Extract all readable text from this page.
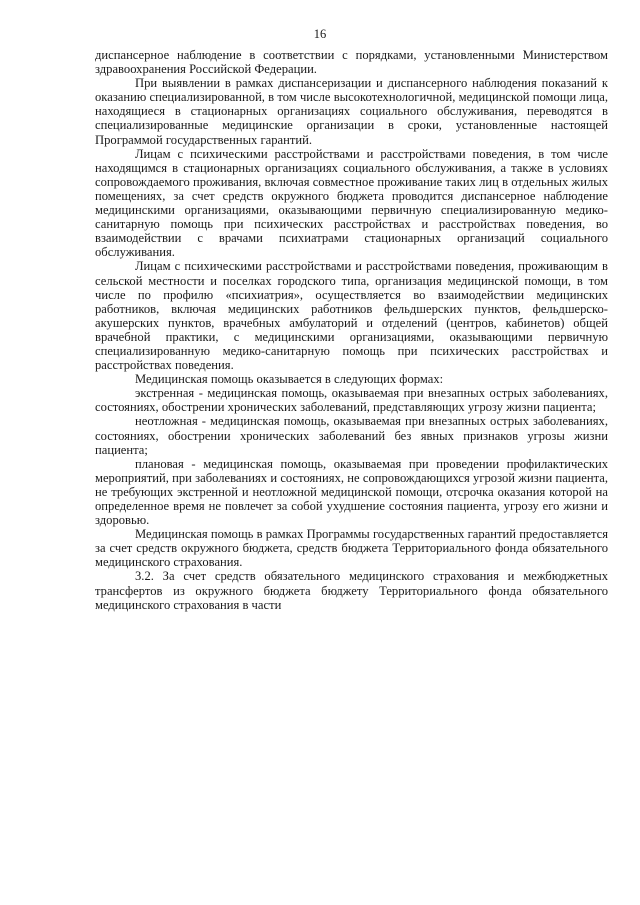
16

диспансерное наблюдение в соответствии с порядками, установленными Министерством здравоохранения Российской Федерации.

При выявлении в рамках диспансеризации и диспансерного наблюдения показаний к оказанию специализированной, в том числе высокотехнологичной, медицинской помощи лица, находящиеся в стационарных организациях социального обслуживания, переводятся в специализированные медицинские организации в сроки, установленные настоящей Программой государственных гарантий.

Лицам с психическими расстройствами и расстройствами поведения, в том числе находящимся в стационарных организациях социального обслуживания, а также в условиях сопровождаемого проживания, включая совместное проживание таких лиц в отдельных жилых помещениях, за счет средств окружного бюджета проводится диспансерное наблюдение медицинскими организациями, оказывающими первичную специализированную медико-санитарную помощь при психических расстройствах и расстройствах поведения, во взаимодействии с врачами психиатрами стационарных организаций социального обслуживания.

Лицам с психическими расстройствами и расстройствами поведения, проживающим в сельской местности и поселках городского типа, организация медицинской помощи, в том числе по профилю «психиатрия», осуществляется во взаимодействии медицинских работников, включая медицинских работников фельдшерских пунктов, фельдшерско-акушерских пунктов, врачебных амбулаторий и отделений (центров, кабинетов) общей врачебной практики, с медицинскими организациями, оказывающими первичную специализированную медико-санитарную помощь при психических расстройствах и расстройствах поведения.

Медицинская помощь оказывается в следующих формах:

экстренная - медицинская помощь, оказываемая при внезапных острых заболеваниях, состояниях, обострении хронических заболеваний, представляющих угрозу жизни пациента;

неотложная - медицинская помощь, оказываемая при внезапных острых заболеваниях, состояниях, обострении хронических заболеваний без явных признаков угрозы жизни пациента;

плановая - медицинская помощь, оказываемая при проведении профилактических мероприятий, при заболеваниях и состояниях, не сопровождающихся угрозой жизни пациента, не требующих экстренной и неотложной медицинской помощи, отсрочка оказания которой на определенное время не повлечет за собой ухудшение состояния пациента, угрозу его жизни и здоровью.

Медицинская помощь в рамках Программы государственных гарантий предоставляется за счет средств окружного бюджета, средств бюджета Территориального фонда обязательного медицинского страхования.

3.2. За счет средств обязательного медицинского страхования и межбюджетных трансфертов из окружного бюджета бюджету Территориального фонда обязательного медицинского страхования в части
